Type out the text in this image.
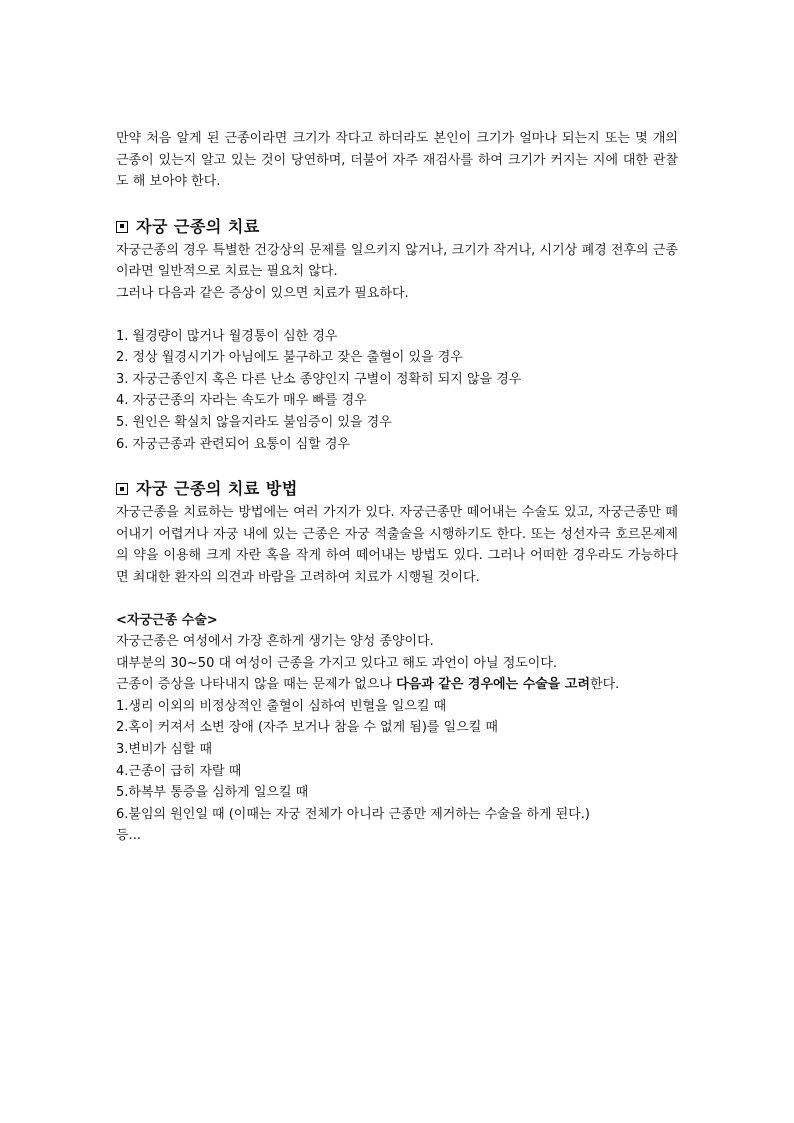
만약 처음 알게 된 근종이라면 크기가 작다고 하더라도 본인이 크기가 얼마나 되는지 또는 몇 개의 근종이 있는지 알고 있는 것이 당연하며, 더불어 자주 재검사를 하여 크기가 커지는 지에 대한 관찰도 해 보아야 한다.

자궁 근종의 치료

자궁근종의 경우 특별한 건강상의 문제를 일으키지 않거나, 크기가 작거나, 시기상 폐경 전후의 근종이라면 일반적으로 치료는 필요치 않다.

그러나 다음과 같은 증상이 있으면 치료가 필요하다.

1. 월경량이 많거나 월경통이 심한 경우
2. 정상 월경시기가 아님에도 불구하고 잦은 출혈이 있을 경우
3. 자궁근종인지 혹은 다른 난소 종양인지 구별이 정확히 되지 않을 경우
4. 자궁근종의 자라는 속도가 매우 빠를 경우
5. 원인은 확실치 않을지라도 불임증이 있을 경우
6. 자궁근종과 관련되어 요통이 심할 경우
자궁 근종의 치료 방법

자궁근종을 치료하는 방법에는 여러 가지가 있다. 자궁근종만 떼어내는 수술도 있고, 자궁근종만 떼어내기 어렵거나 자궁 내에 있는 근종은 자궁 적출술을 시행하기도 한다. 또는 성선자극 호르몬제제의 약을 이용해 크게 자란 혹을 작게 하여 떼어내는 방법도 있다. 그러나 어떠한 경우라도 가능하다면 최대한 환자의 의견과 바람을 고려하여 치료가 시행될 것이다.

<자궁근종 수술>

자궁근종은 여성에서 가장 흔하게 생기는 양성 종양이다.

대부분의 30~50 대 여성이 근종을 가지고 있다고 해도 과언이 아닐 정도이다.

근종이 증상을 나타내지 않을 때는 문제가 없으나 다음과 같은 경우에는 수술을 고려한다.

1.생리 이외의 비정상적인 출혈이 심하여 빈혈을 일으킬 때
2.혹이 커져서 소변 장애 (자주 보거나 참을 수 없게 됨)를 일으킬 때
3.변비가 심할 때
4.근종이 급히 자랄 때
5.하복부 통증을 심하게 일으킬 때
6.불임의 원인일 때 (이때는 자궁 전체가 아니라 근종만 제거하는 수술을 하게 된다.)

등...
